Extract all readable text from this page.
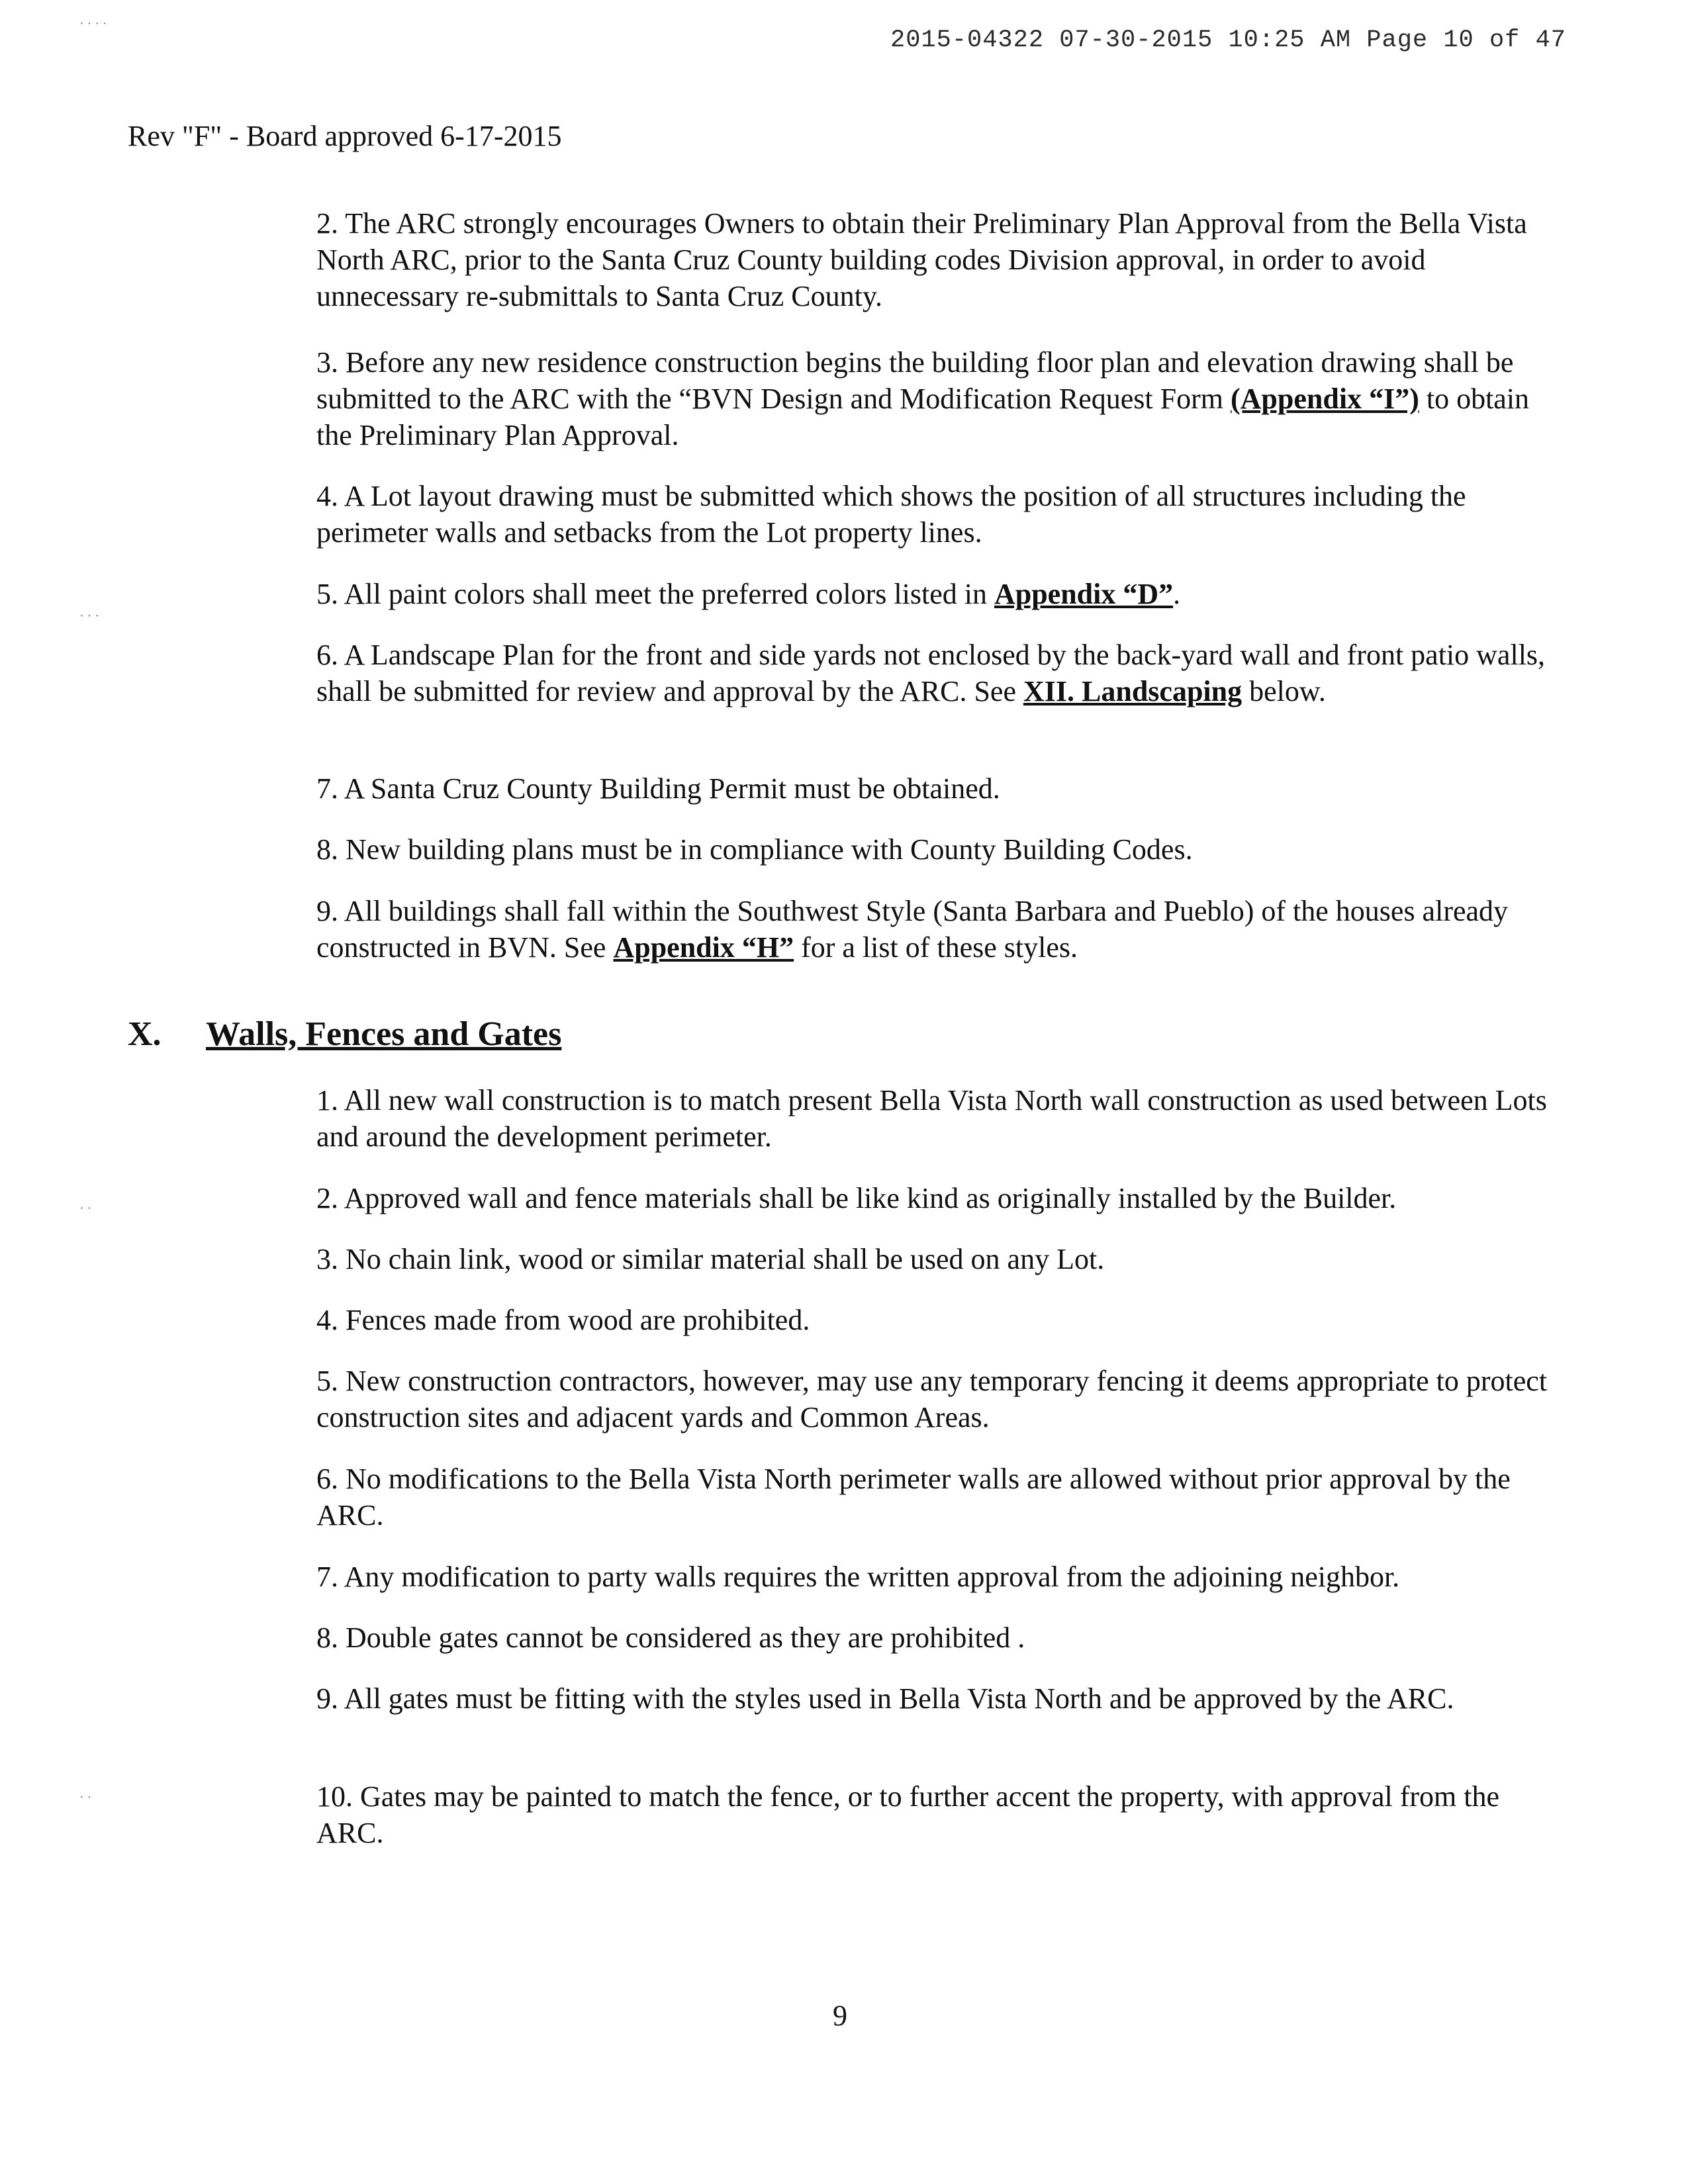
· · · ·
· · ·
· ·
· ·
2015-04322 07-30-2015 10:25 AM Page 10 of 47
Rev "F" - Board approved 6-17-2015

2. The ARC strongly encourages Owners to obtain their Preliminary Plan Approval from the Bella Vista North ARC, prior to the Santa Cruz County building codes Division approval, in order to avoid unnecessary re-submittals to Santa Cruz County.

3. Before any new residence construction begins the building floor plan and elevation drawing shall be submitted to the ARC with the “BVN Design and Modification Request Form (Appendix “I”) to obtain the Preliminary Plan Approval.

4. A Lot layout drawing must be submitted which shows the position of all structures including the perimeter walls and setbacks from the Lot property lines.

5. All paint colors shall meet the preferred colors listed in Appendix “D”.

6. A Landscape Plan for the front and side yards not enclosed by the back-yard wall and front patio walls, shall be submitted for review and approval by the ARC. See XII. Landscaping below.

7. A Santa Cruz County Building Permit must be obtained.

8. New building plans must be in compliance with County Building Codes.

9. All buildings shall fall within the Southwest Style (Santa Barbara and Pueblo) of the houses already constructed in BVN. See Appendix “H” for a list of these styles.

X. Walls, Fences and Gates

1. All new wall construction is to match present Bella Vista North wall construction as used between Lots and around the development perimeter.

2. Approved wall and fence materials shall be like kind as originally installed by the Builder.

3. No chain link, wood or similar material shall be used on any Lot.

4. Fences made from wood are prohibited.

5. New construction contractors, however, may use any temporary fencing it deems appropriate to protect construction sites and adjacent yards and Common Areas.

6. No modifications to the Bella Vista North perimeter walls are allowed without prior approval by the ARC.

7. Any modification to party walls requires the written approval from the adjoining neighbor.

8. Double gates cannot be considered as they are prohibited .

9. All gates must be fitting with the styles used in Bella Vista North and be approved by the ARC.

10. Gates may be painted to match the fence, or to further accent the property, with approval from the ARC.

9
